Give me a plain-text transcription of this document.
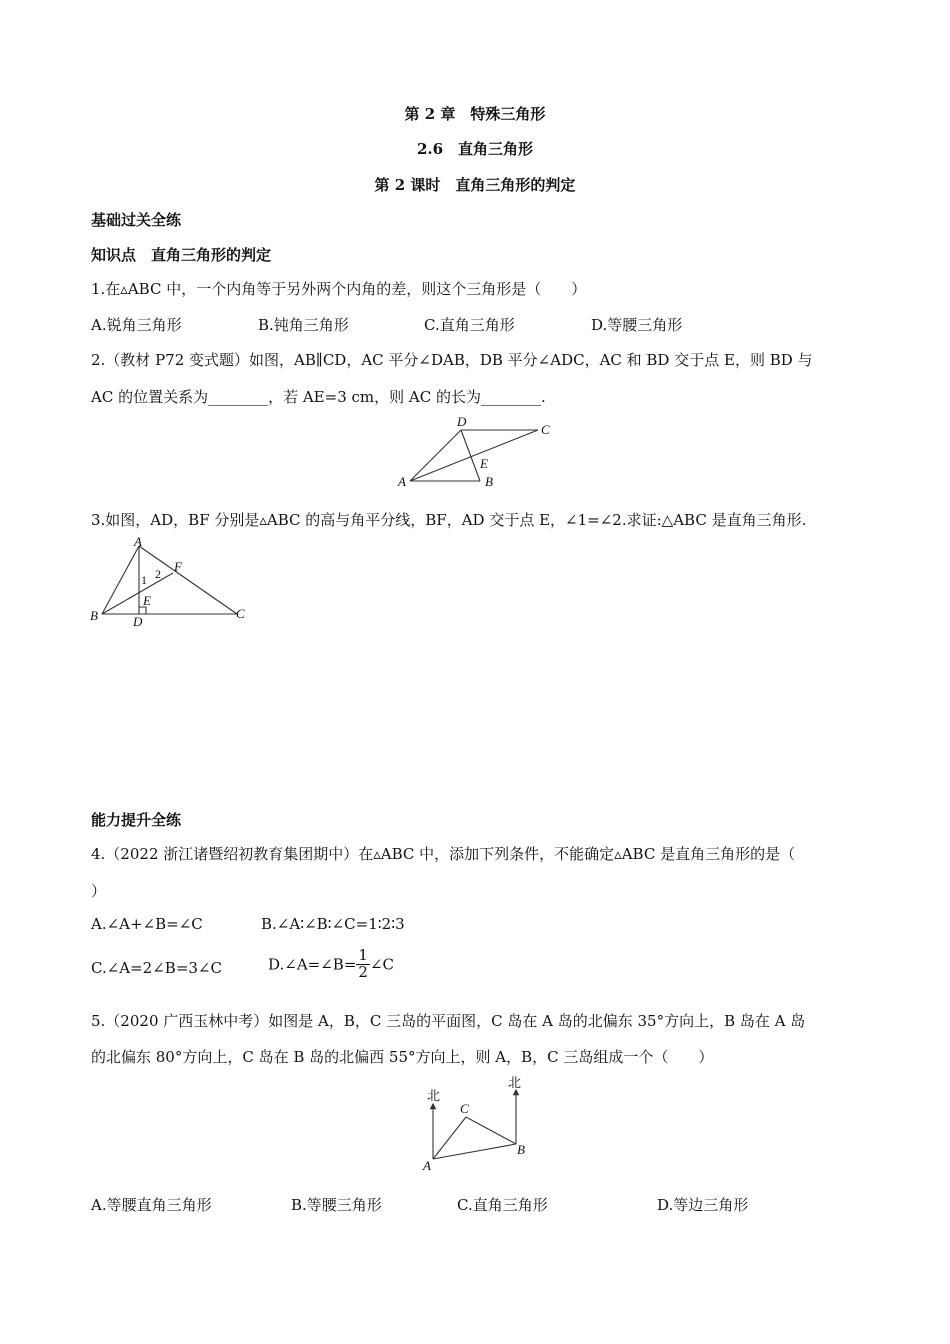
第 2 章　特殊三角形
2.6　直角三角形
第 2 课时　直角三角形的判定
基础过关全练
知识点　直角三角形的判定
1.在▵ABC 中，一个内角等于另外两个内角的差，则这个三角形是（　　）
A.锐角三角形	B.钝角三角形	C.直角三角形	D.等腰三角形
2.（教材 P72 变式题）如图，AB∥CD，AC 平分∠DAB，DB 平分∠ADC，AC 和 BD 交于点 E，则 BD 与
AC 的位置关系为________，若 AE=3 cm，则 AC 的长为________.
A	B
C
D
E
3.如图，AD，BF 分别是▵ABC 的高与角平分线，BF，AD 交于点 E，∠1=∠2.求证:△ABC 是直角三角形.
A
B	C
D
E
F
1 2
能力提升全练
4.（2022 浙江诸暨绍初教育集团期中）在▵ABC 中，添加下列条件，不能确定▵ABC 是直角三角形的是（
）
A.∠A+∠B=∠C	B.∠A∶∠B∶∠C=1∶2∶3
C.∠A=2∠B=3∠C	D.∠A=∠B= $\frac{1}{2}$ ∠C
5.（2020 广西玉林中考）如图是 A，B，C 三岛的平面图，C 岛在 A 岛的北偏东 35°方向上，B 岛在 A 岛
的北偏东 80°方向上，C 岛在 B 岛的北偏西 55°方向上，则 A，B，C 三岛组成一个（　　）
北
北
A
B
C
A.等腰直角三角形	B.等腰三角形	C.直角三角形	D.等边三角形
